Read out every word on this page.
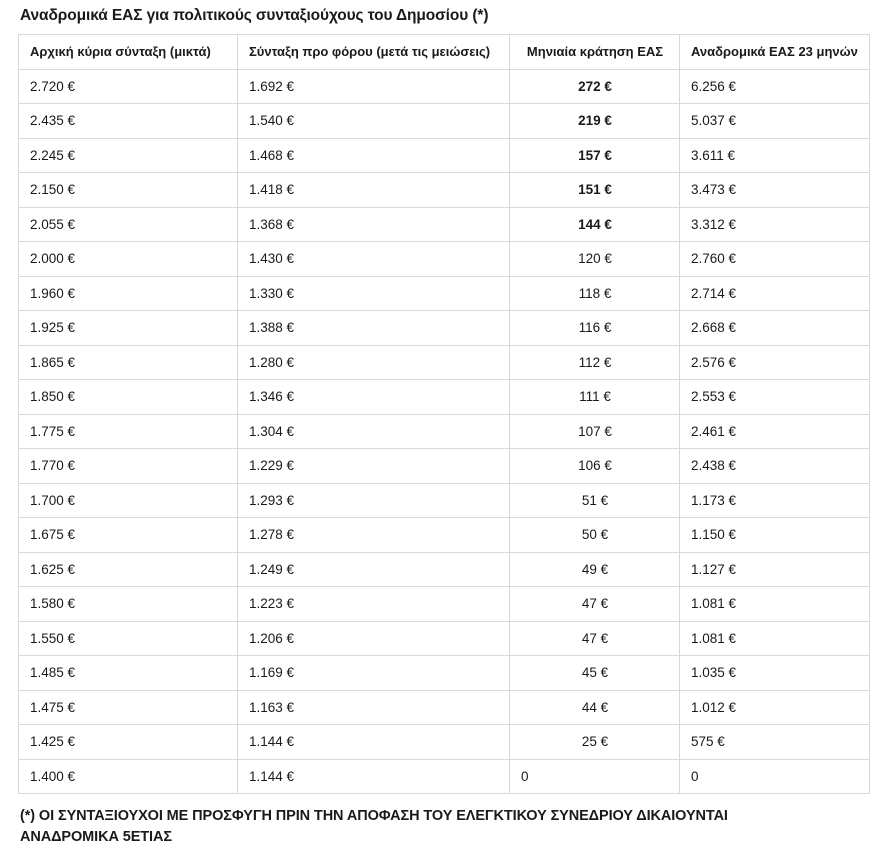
Αναδρομικά ΕΑΣ για πολιτικούς συνταξιούχους του Δημοσίου (*)
Αρχική κύρια σύνταξη (μικτά)	Σύνταξη προ φόρου (μετά τις μειώσεις)	Μηνιαία κράτηση ΕΑΣ	Αναδρομικά ΕΑΣ 23 μηνών
2.720 €	1.692 €	272 €	6.256 €
2.435 €	1.540 €	219 €	5.037 €
2.245 €	1.468 €	157 €	3.611 €
2.150 €	1.418 €	151 €	3.473 €
2.055 €	1.368 €	144 €	3.312 €
2.000 €	1.430 €	120 €	2.760 €
1.960 €	1.330 €	118 €	2.714 €
1.925 €	1.388 €	116 €	2.668 €
1.865 €	1.280 €	112 €	2.576 €
1.850 €	1.346 €	111 €	2.553 €
1.775 €	1.304 €	107 €	2.461 €
1.770 €	1.229 €	106 €	2.438 €
1.700 €	1.293 €	51 €	1.173 €
1.675 €	1.278 €	50 €	1.150 €
1.625 €	1.249 €	49 €	1.127 €
1.580 €	1.223 €	47 €	1.081 €
1.550 €	1.206 €	47 €	1.081 €
1.485 €	1.169 €	45 €	1.035 €
1.475 €	1.163 €	44 €	1.012 €
1.425 €	1.144 €	25 €	575 €
1.400 €	1.144 €	0	0
(*) ΟΙ ΣΥΝΤΑΞΙΟΥΧΟΙ ΜΕ ΠΡΟΣΦΥΓΗ ΠΡΙΝ ΤΗΝ ΑΠΟΦΑΣΗ ΤΟΥ ΕΛΕΓΚΤΙΚΟΥ ΣΥΝΕΔΡΙΟΥ ΔΙΚΑΙΟΥΝΤΑΙ
ΑΝΑΔΡΟΜΙΚΑ 5ΕΤΙΑΣ
